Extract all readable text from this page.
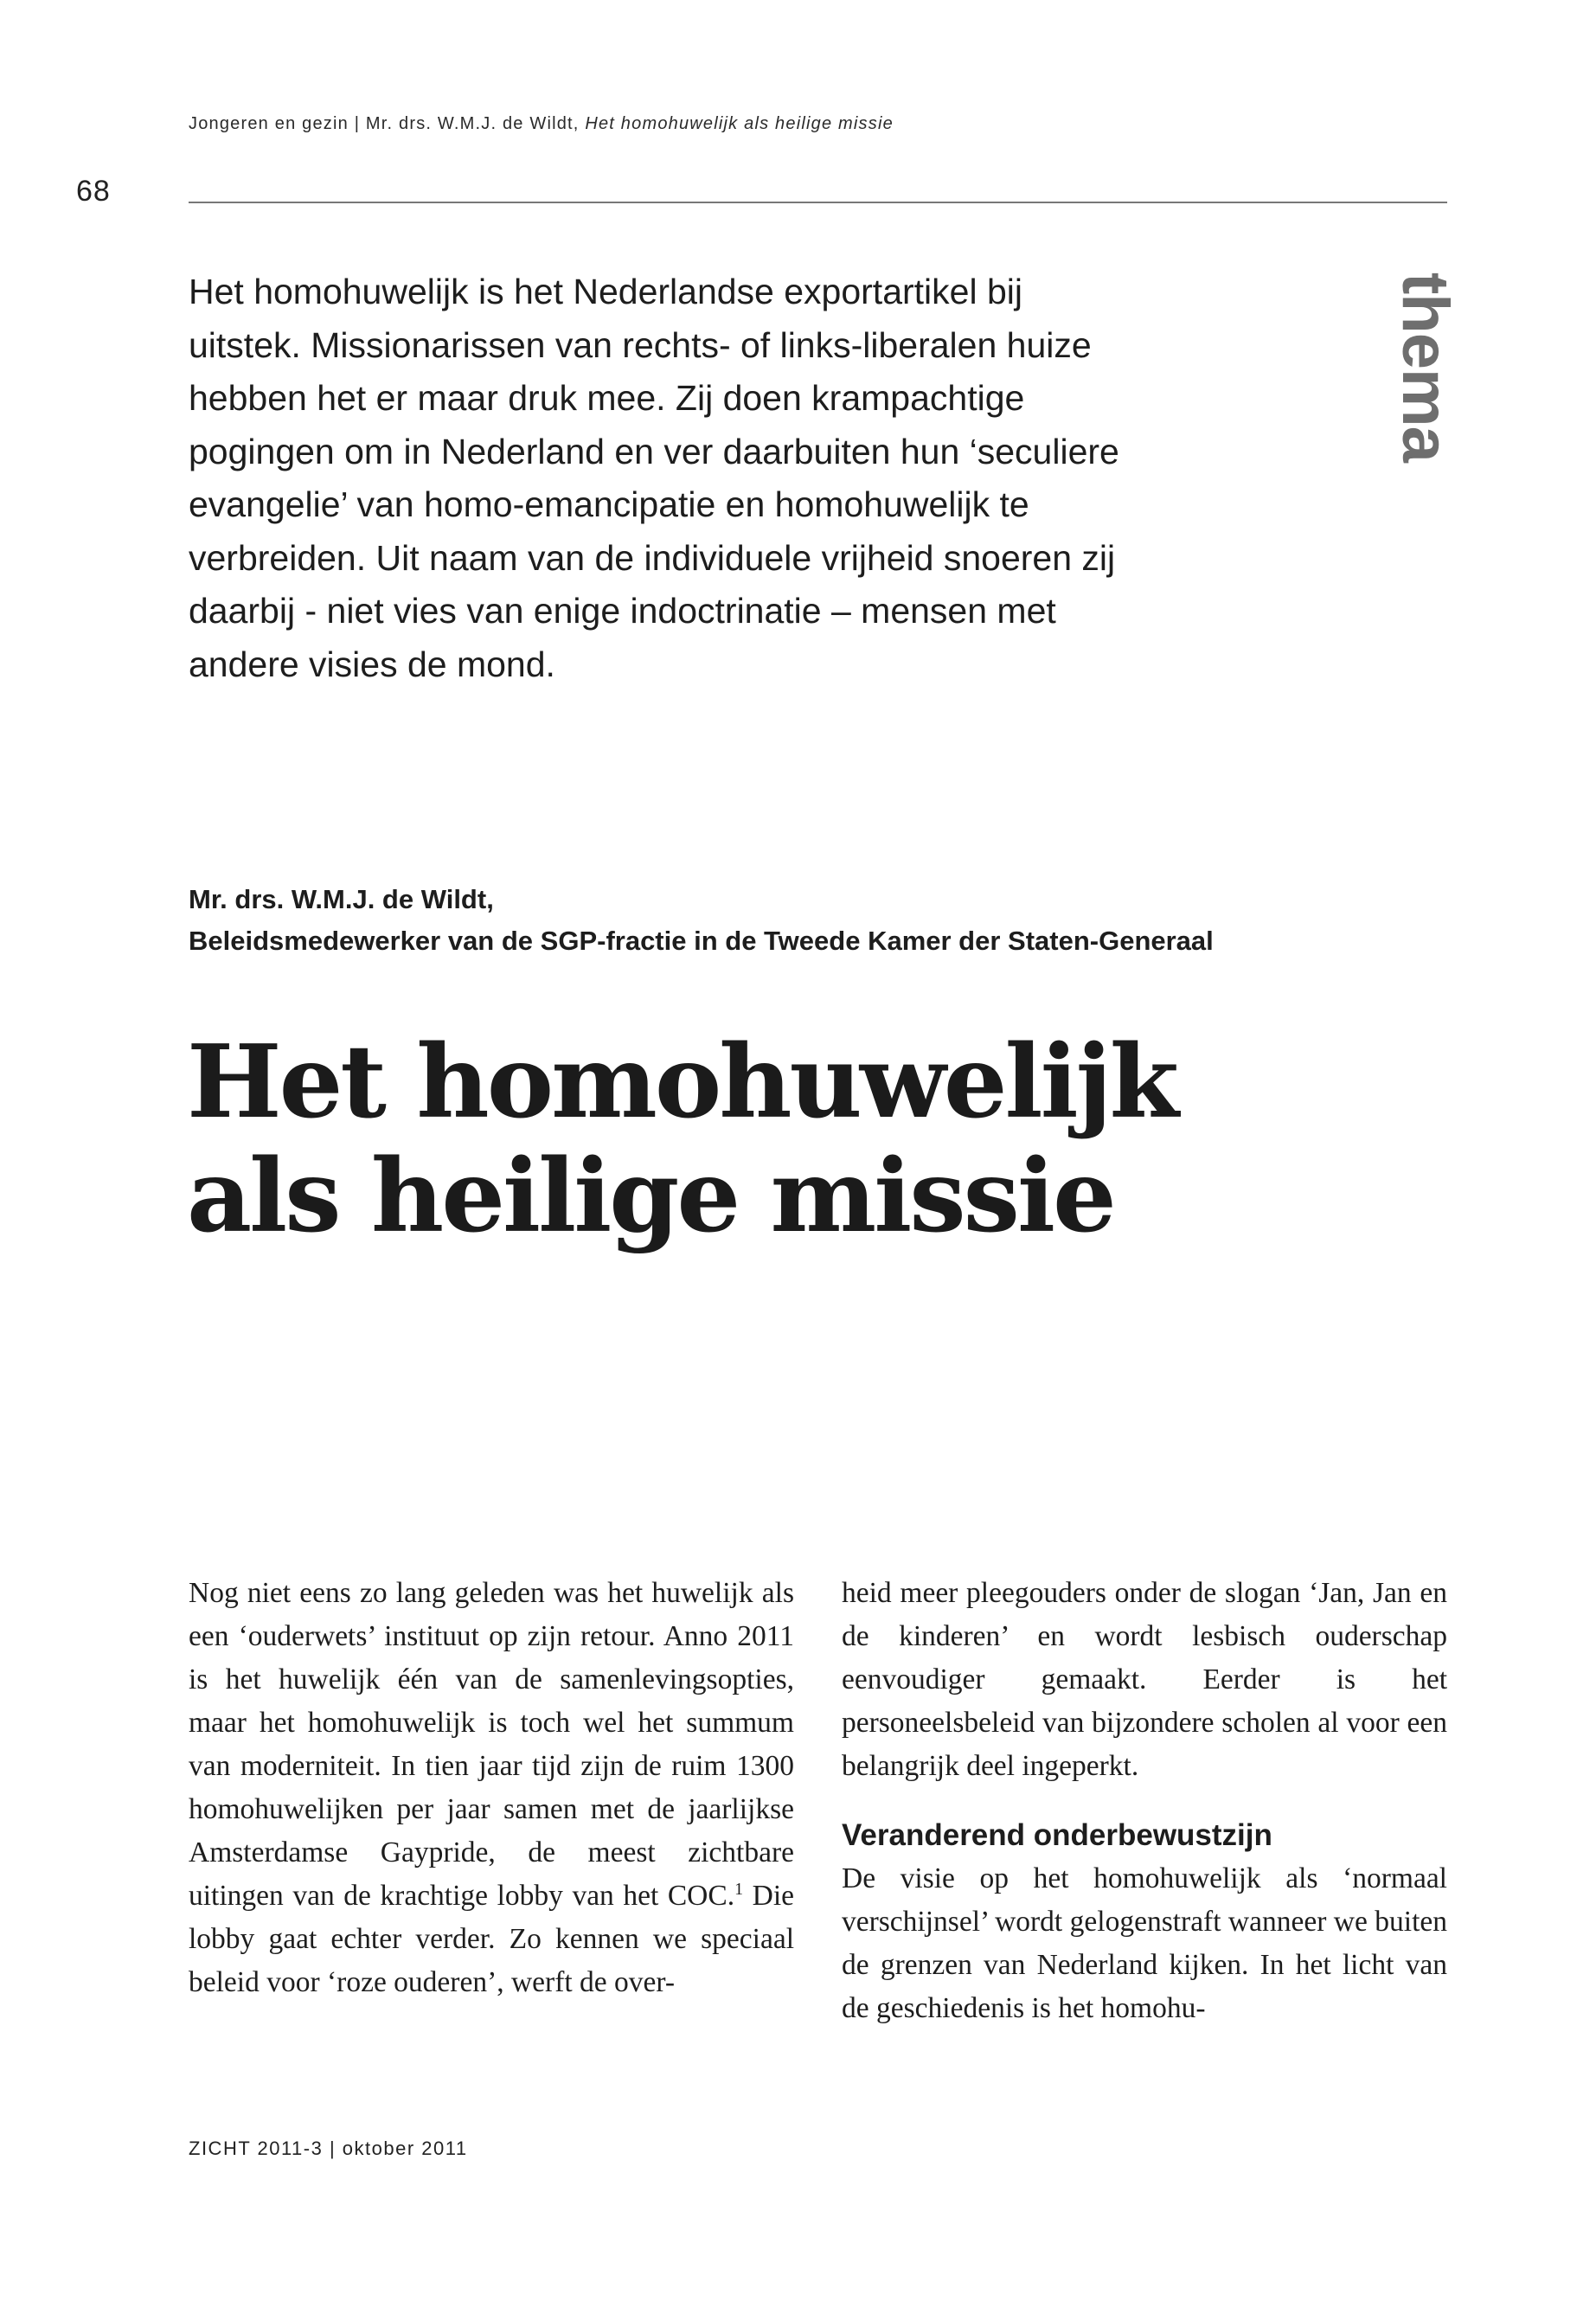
Jongeren en gezin | Mr. drs. W.M.J. de Wildt, Het homohuwelijk als heilige missie
68
Het homohuwelijk is het Nederlandse exportartikel bij uitstek. Missionarissen van rechts- of links-liberalen huize hebben het er maar druk mee. Zij doen krampachtige pogingen om in Nederland en ver daarbuiten hun ‘seculiere evangelie’ van homo-emancipatie en homohuwelijk te verbreiden. Uit naam van de individuele vrijheid snoeren zij daarbij - niet vies van enige indoctrinatie – mensen met andere visies de mond.
thema
Mr. drs. W.M.J. de Wildt,
Beleidsmedewerker van de SGP-fractie in de Tweede Kamer der Staten-Generaal
Het homohuwelijk
als heilige missie

Nog niet eens zo lang geleden was het huwelijk als een ‘ouderwets’ instituut op zijn retour. Anno 2011 is het huwelijk één van de samenlevingsopties, maar het homohuwelijk is toch wel het summum van moderniteit. In tien jaar tijd zijn de ruim 1300 homohuwelijken per jaar samen met de jaarlijkse Amsterdamse Gaypride, de meest zichtbare uitingen van de krachtige lobby van het COC.$^1$ Die lobby gaat echter verder. Zo kennen we speciaal beleid voor ‘roze ouderen’, werft de over-

heid meer pleegouders onder de slogan ‘Jan, Jan en de kinderen’ en wordt lesbisch ouderschap eenvoudiger gemaakt. Eerder is het personeelsbeleid van bijzondere scholen al voor een belangrijk deel ingeperkt.

Veranderend onderbewustzijn

De visie op het homohuwelijk als ‘normaal verschijnsel’ wordt gelogenstraft wanneer we buiten de grenzen van Nederland kijken. In het licht van de geschiedenis is het homohu-

ZICHT 2011-3 | oktober 2011
